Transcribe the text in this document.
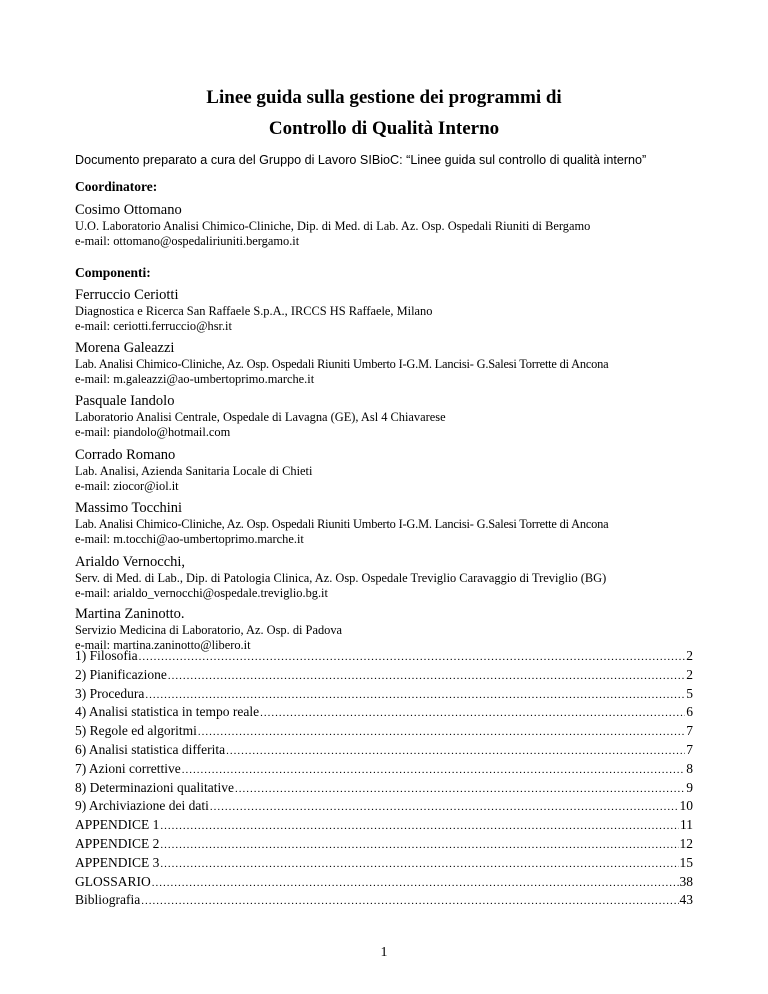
Linee guida sulla gestione dei programmi di
Controllo di Qualità Interno
Documento preparato a cura del Gruppo di Lavoro SIBioC: “Linee guida sul controllo di qualità interno”
Coordinatore:
Cosimo Ottomano
U.O. Laboratorio Analisi Chimico-Cliniche, Dip. di Med. di Lab. Az. Osp. Ospedali Riuniti di Bergamo
e-mail: ottomano@ospedaliriuniti.bergamo.it
Componenti:
Ferruccio Ceriotti
Diagnostica e Ricerca San Raffaele S.p.A., IRCCS HS Raffaele, Milano
e-mail: ceriotti.ferruccio@hsr.it
Morena Galeazzi
Lab. Analisi Chimico-Cliniche, Az. Osp. Ospedali Riuniti Umberto I-G.M. Lancisi- G.Salesi Torrette di Ancona
e-mail: m.galeazzi@ao-umbertoprimo.marche.it
Pasquale Iandolo
Laboratorio Analisi Centrale, Ospedale di Lavagna (GE), Asl 4 Chiavarese
e-mail: piandolo@hotmail.com
Corrado Romano
Lab. Analisi, Azienda Sanitaria Locale di Chieti
e-mail: ziocor@iol.it
Massimo Tocchini
Lab. Analisi Chimico-Cliniche, Az. Osp. Ospedali Riuniti Umberto I-G.M. Lancisi- G.Salesi Torrette di Ancona
e-mail: m.tocchi@ao-umbertoprimo.marche.it
Arialdo Vernocchi,
Serv. di Med. di Lab., Dip. di Patologia Clinica, Az. Osp. Ospedale Treviglio Caravaggio di Treviglio (BG)
e-mail: arialdo_vernocchi@ospedale.treviglio.bg.it
Martina Zaninotto.
Servizio Medicina di Laboratorio, Az. Osp. di Padova
e-mail: martina.zaninotto@libero.it
1) Filosofia .....	2
2) Pianificazione .....	2
3) Procedura .....	5
4) Analisi statistica in tempo reale .....	6
5) Regole ed algoritmi .....	7
6) Analisi statistica differita .....	7
7) Azioni correttive .....	8
8) Determinazioni qualitative .....	9
9) Archiviazione dei dati .....	10
APPENDICE 1 .....	11
APPENDICE 2 .....	12
APPENDICE 3 .....	15
GLOSSARIO .....	38
Bibliografia .....	43
1
